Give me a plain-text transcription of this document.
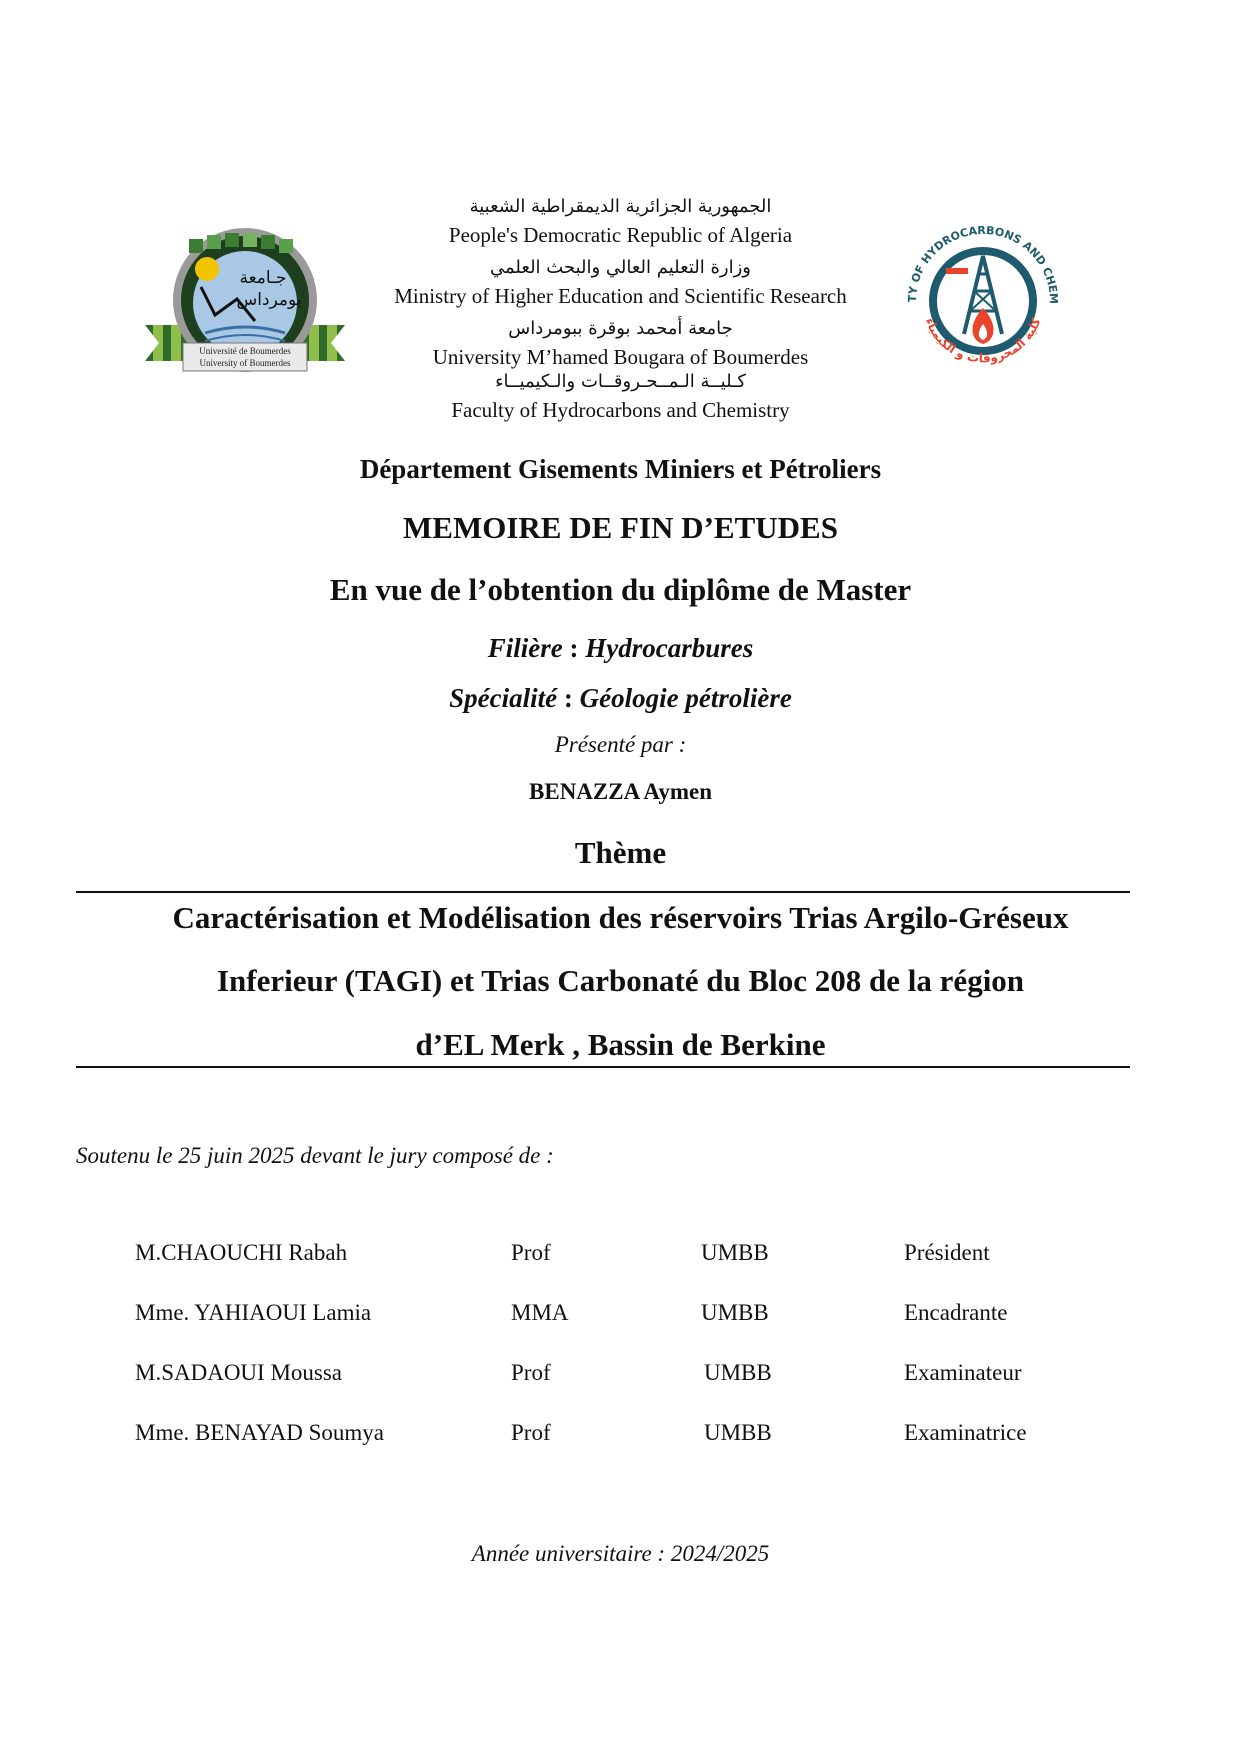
جـامعة
بومرداس
Université de Boumerdes
University of Boumerdes
TY OF HYDROCARBONS AND CHEM
كلية المحروقات و الكيمياء
الجمهورية الجزائرية الديمقراطية الشعبية
People's Democratic Republic of Algeria
وزارة التعليم العالي والبحث العلمي
Ministry of Higher Education and Scientific Research
جامعة أمحمد بوقرة ببومرداس
University M’hamed Bougara of Boumerdes
كـليــة الـمــحـروقــات والـكيميــاء
Faculty of Hydrocarbons and Chemistry
Département Gisements Miniers et Pétroliers
MEMOIRE DE FIN D’ETUDES
En vue de l’obtention du diplôme de Master
Filière : Hydrocarbures
Spécialité : Géologie pétrolière
Présenté par :
BENAZZA Aymen
Thème
Caractérisation et Modélisation des réservoirs Trias Argilo-Gréseux
Inferieur (TAGI) et Trias Carbonaté du Bloc 208 de la région
d’EL Merk , Bassin de Berkine
Soutenu le 25 juin 2025 devant le jury composé de :
M.CHAOUCHI Rabah	Prof	UMBB	Président
Mme. YAHIAOUI Lamia	MMA	UMBB	Encadrante
M.SADAOUI Moussa	Prof	UMBB	Examinateur
Mme. BENAYAD Soumya	Prof	UMBB	Examinatrice
Année universitaire : 2024/2025
